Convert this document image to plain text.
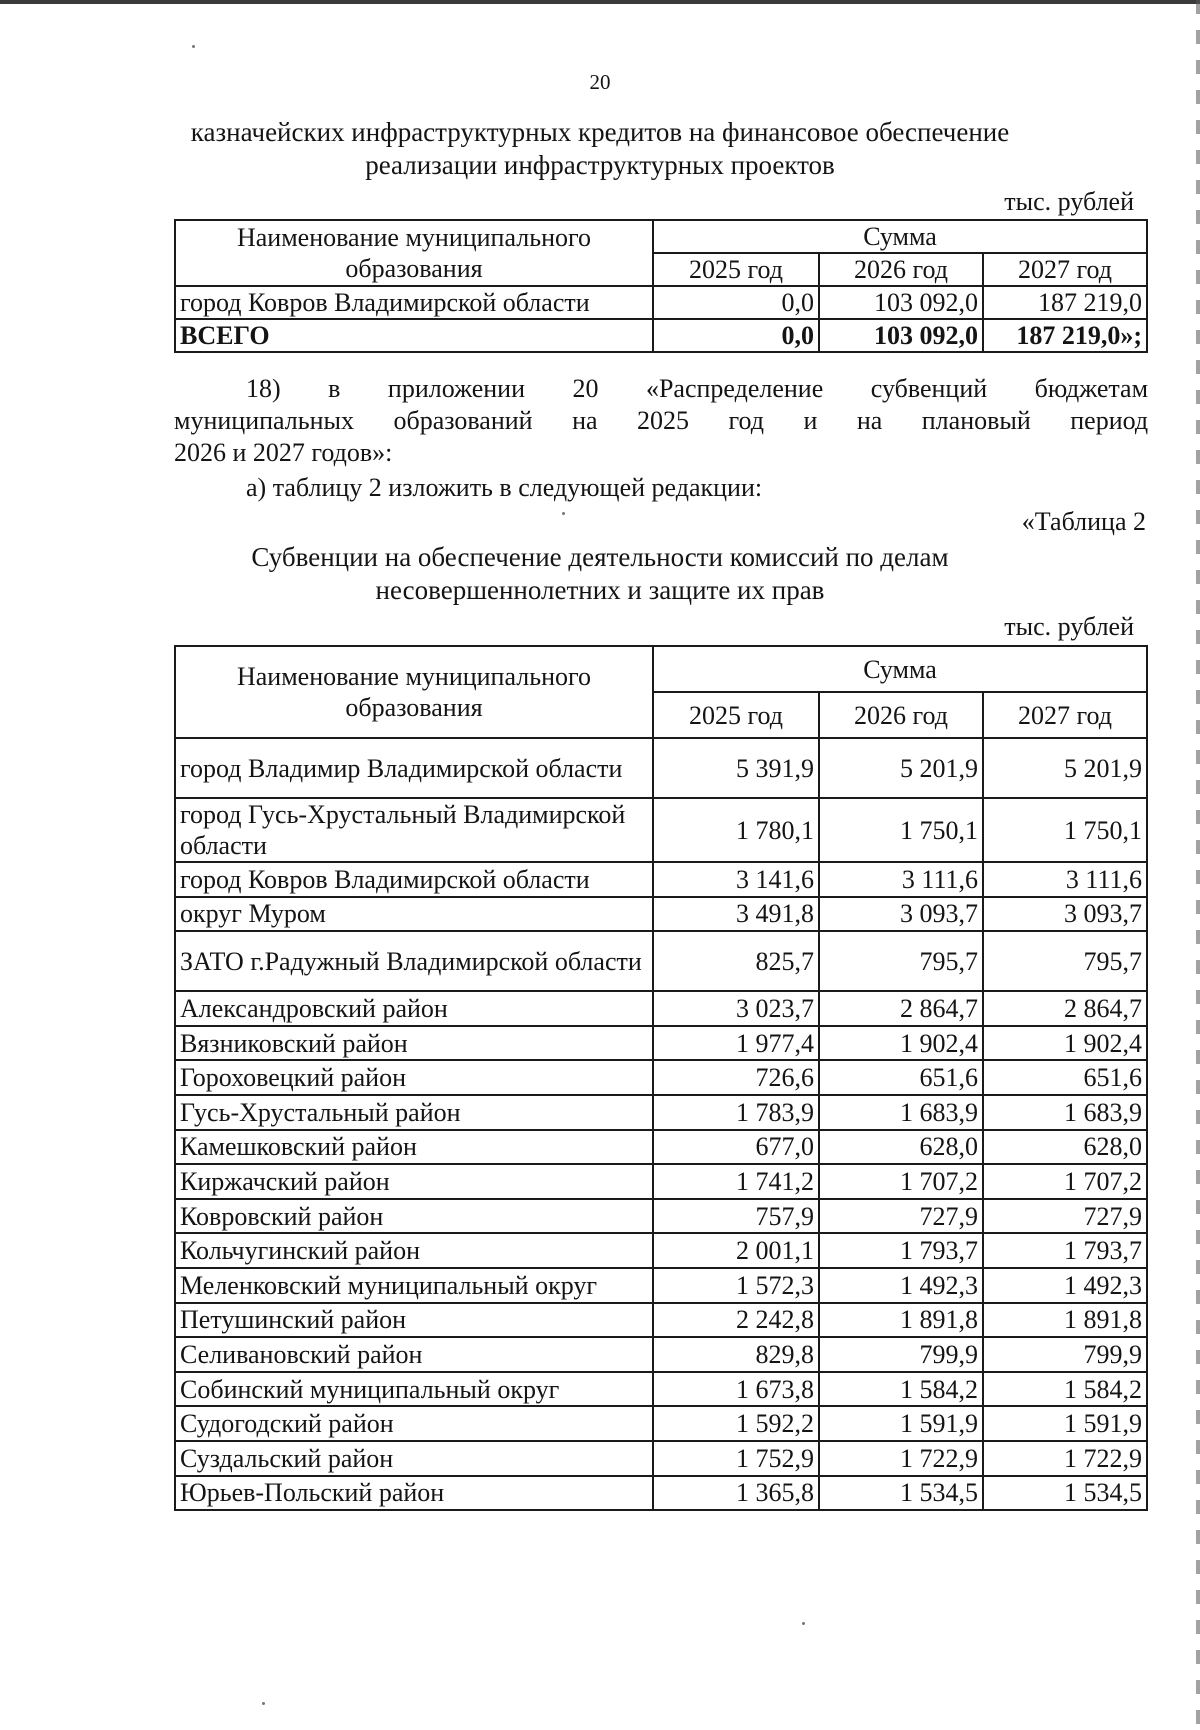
20
казначейских инфраструктурных кредитов на финансовое обеспечение
реализации инфраструктурных проектов
тыс. рублей
Наименование муниципального образования	Сумма		
	2025 год	2026 год	2027 год
город Ковров Владимирской области	0,0	103 092,0	187 219,0
ВСЕГО	0,0	103 092,0	187 219,0»;
18) в приложении 20 «Распределение субвенций бюджетам
муниципальных образований на 2025 год и на плановый период
2026 и 2027 годов»:
а) таблицу 2 изложить в следующей редакции:
«Таблица 2
Субвенции на обеспечение деятельности комиссий по делам
несовершеннолетних и защите их прав
тыс. рублей
Наименование муниципального образования	Сумма		
	2025 год	2026 год	2027 год
город Владимир Владимирской области	5 391,9	5 201,9	5 201,9
город Гусь-Хрустальный Владимирской области	1 780,1	1 750,1	1 750,1
город Ковров Владимирской области	3 141,6	3 111,6	3 111,6
округ Муром	3 491,8	3 093,7	3 093,7
ЗАТО г.Радужный Владимирской области	825,7	795,7	795,7
Александровский район	3 023,7	2 864,7	2 864,7
Вязниковский район	1 977,4	1 902,4	1 902,4
Гороховецкий район	726,6	651,6	651,6
Гусь-Хрустальный район	1 783,9	1 683,9	1 683,9
Камешковский район	677,0	628,0	628,0
Киржачский район	1 741,2	1 707,2	1 707,2
Ковровский район	757,9	727,9	727,9
Кольчугинский район	2 001,1	1 793,7	1 793,7
Меленковский муниципальный округ	1 572,3	1 492,3	1 492,3
Петушинский район	2 242,8	1 891,8	1 891,8
Селивановский район	829,8	799,9	799,9
Собинский муниципальный округ	1 673,8	1 584,2	1 584,2
Судогодский район	1 592,2	1 591,9	1 591,9
Суздальский район	1 752,9	1 722,9	1 722,9
Юрьев-Польский район	1 365,8	1 534,5	1 534,5
